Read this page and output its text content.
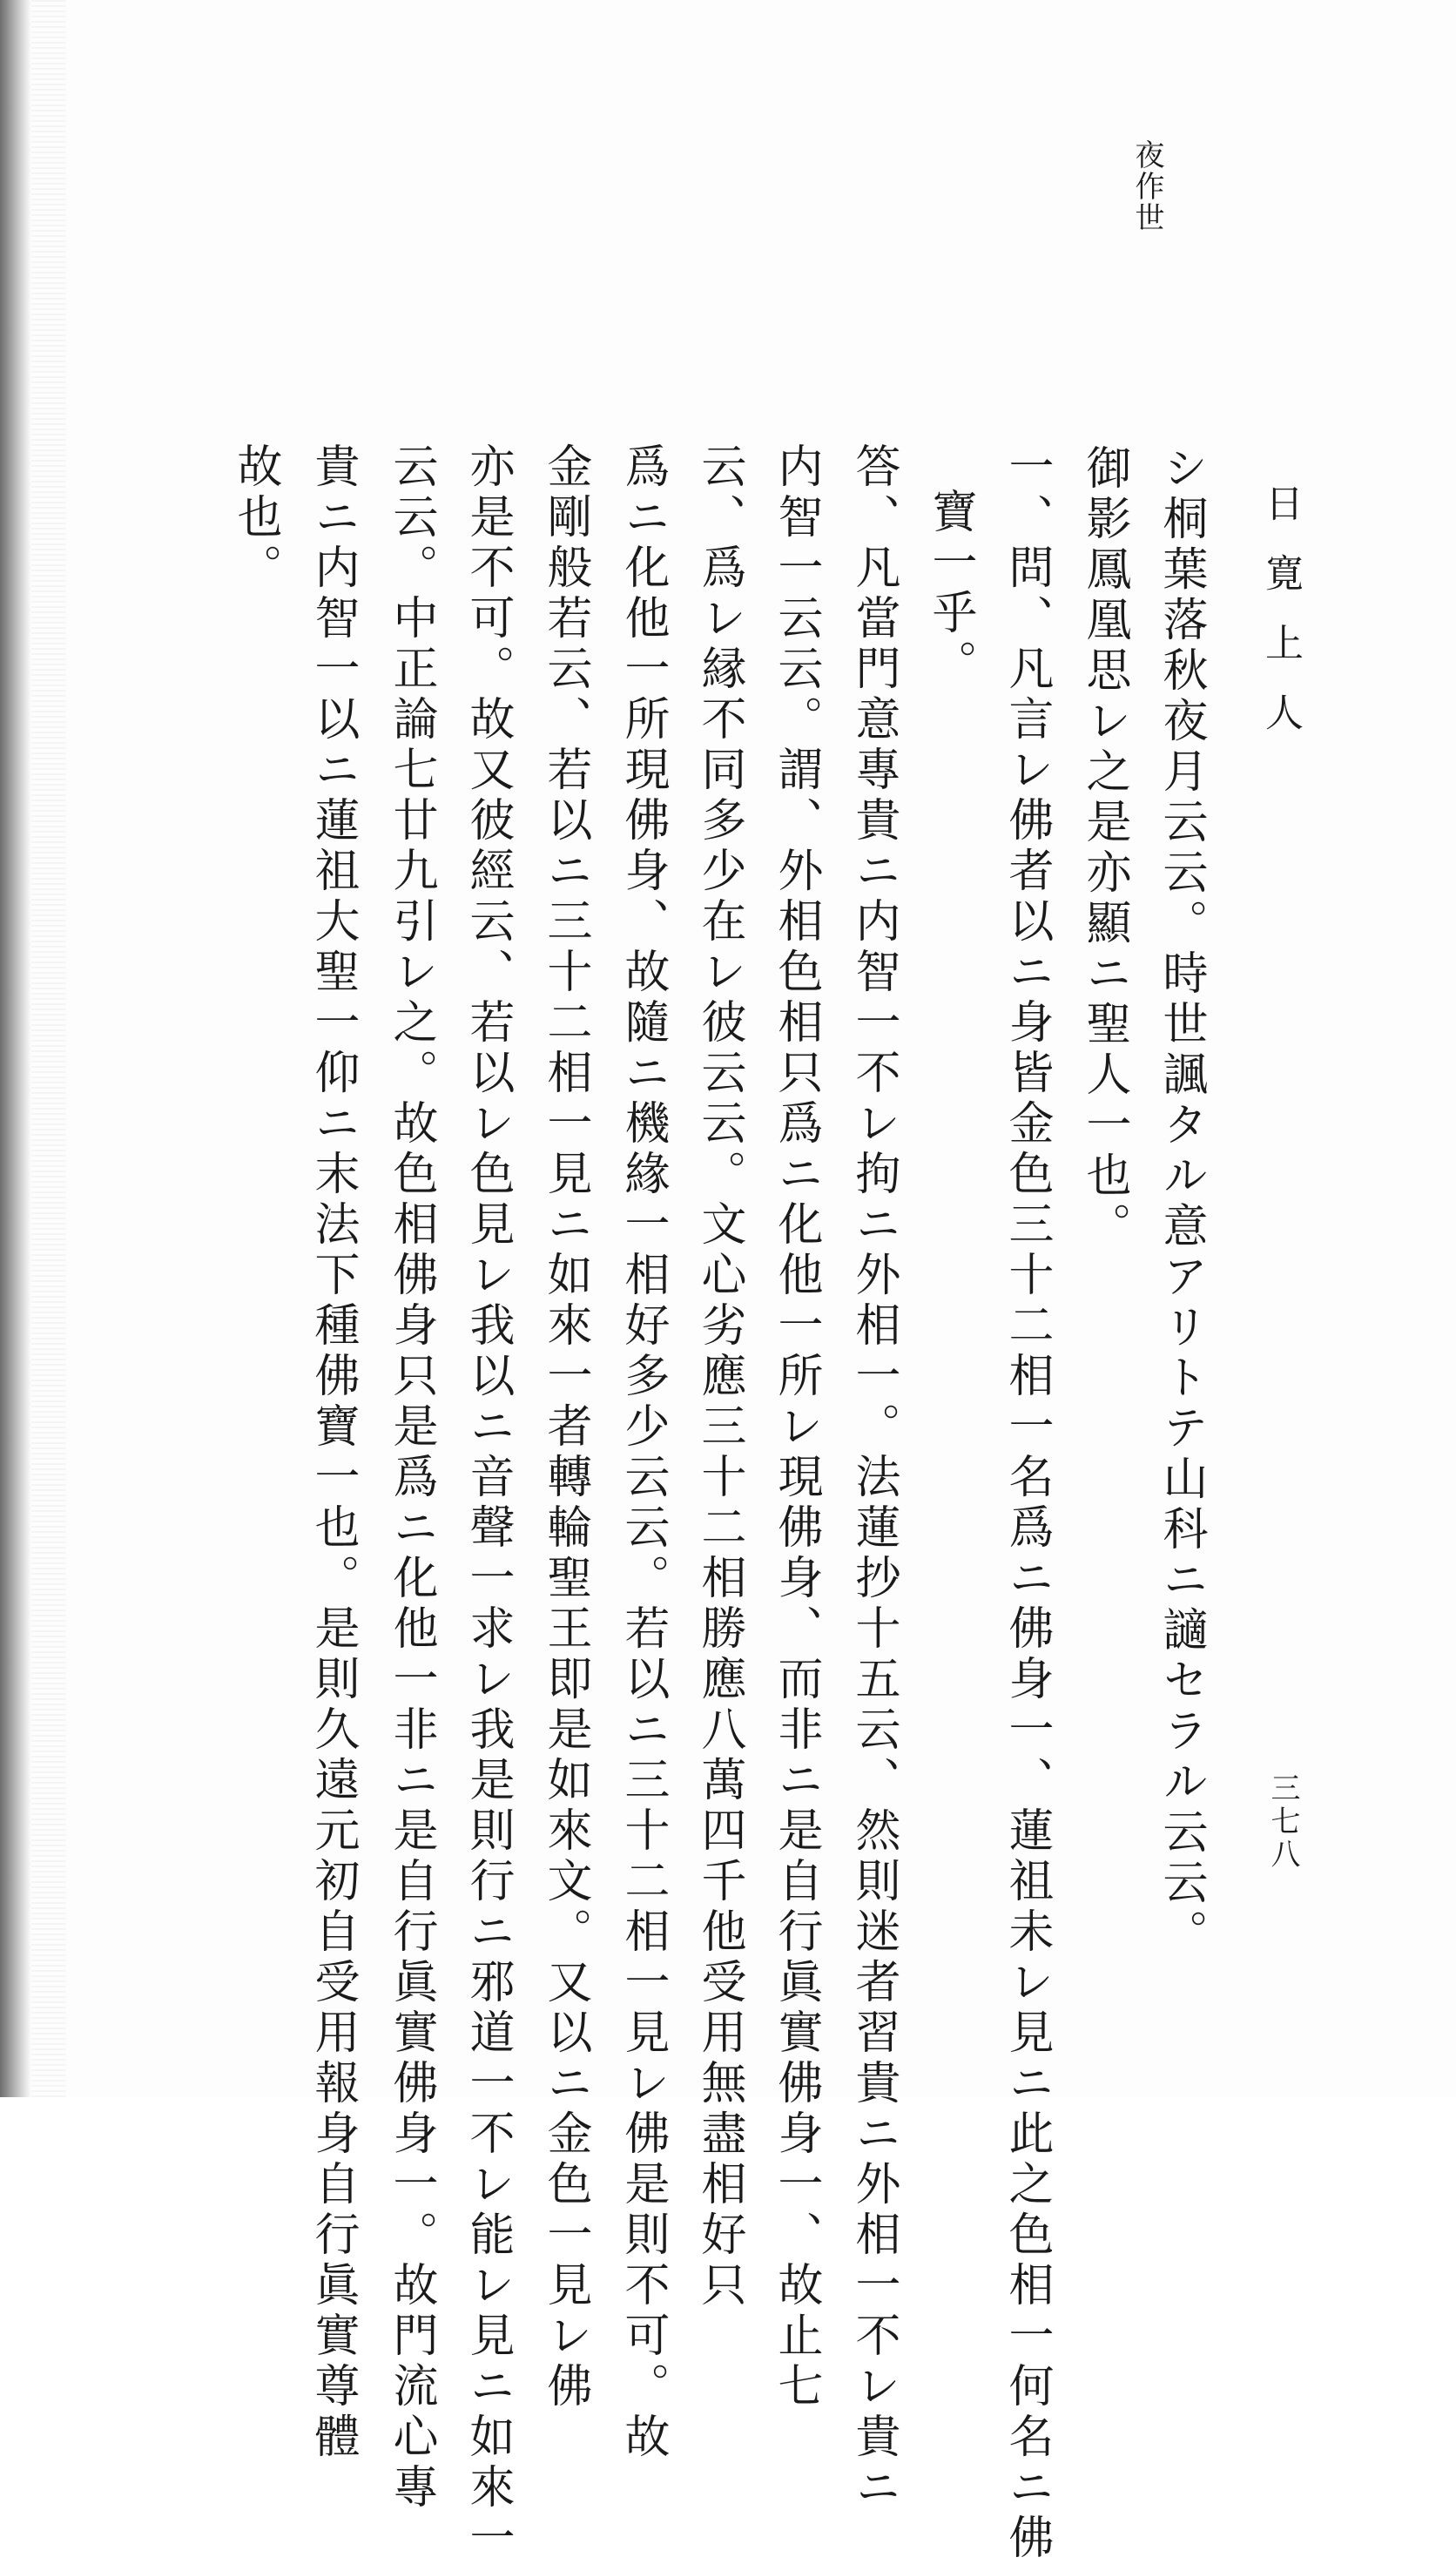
夜作世
日寛上人
三七八
シ桐葉落秋夜月云云。時世諷タル意アリトテ山科ニ讁セラル云云。
御影鳳凰思レ之是亦顯ニ聖人一也。
一、問、凡言レ佛者以ニ身皆金色三十二相一名爲ニ佛身一、蓮祖未レ見ニ此之色相一何名ニ佛
寶一乎。
答、凡當門意專貴ニ内智一不レ拘ニ外相一。法蓮抄十五云、然則迷者習貴ニ外相一不レ貴ニ
内智一云云。謂、外相色相只爲ニ化他一所レ現佛身、而非ニ是自行眞實佛身一、故止七
云、爲レ縁不同多少在レ彼云云。文心劣應三十二相勝應八萬四千他受用無盡相好只
爲ニ化他一所現佛身、故隨ニ機緣一相好多少云云。若以ニ三十二相一見レ佛是則不可。故
金剛般若云、若以ニ三十二相一見ニ如來一者轉輪聖王即是如來文。又以ニ金色一見レ佛
亦是不可。故又彼經云、若以レ色見レ我以ニ音聲一求レ我是則行ニ邪道一不レ能レ見ニ如來一
云云。中正論七廿九引レ之。故色相佛身只是爲ニ化他一非ニ是自行眞實佛身一。故門流心專
貴ニ内智一以ニ蓮祖大聖一仰ニ末法下種佛寶一也。是則久遠元初自受用報身自行眞實尊體
故也。
